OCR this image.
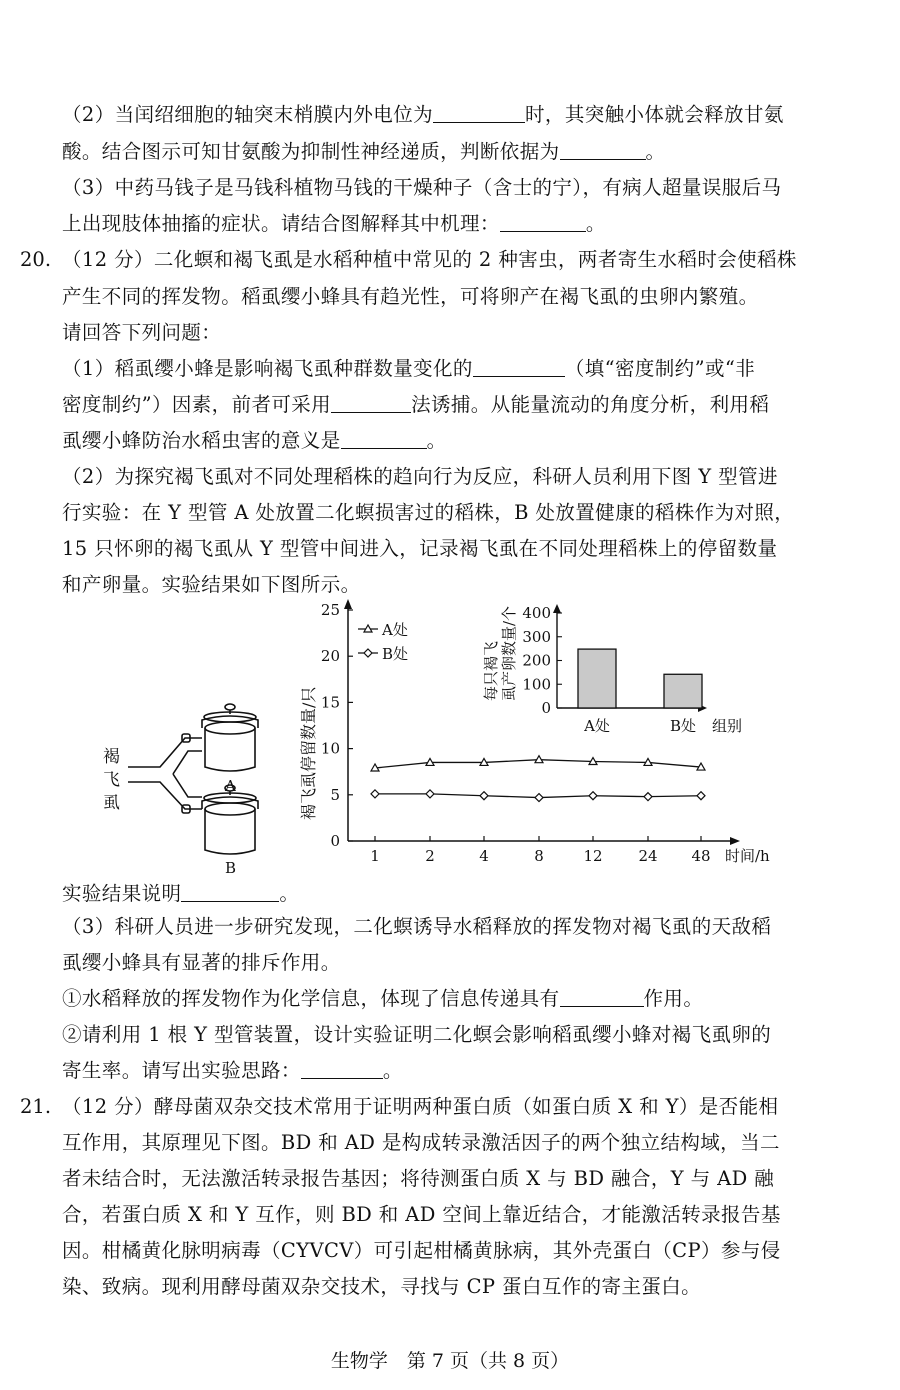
（2）当闰绍细胞的轴突末梢膜内外电位为	时，其突触小体就会释放甘氨
酸。结合图示可知甘氨酸为抑制性神经递质，判断依据为	。
（3）中药马钱子是马钱科植物马钱的干燥种子（含士的宁），有病人超量误服后马
上出现肢体抽搐的症状。请结合图解释其中机理：	。
20. （12 分）二化螟和褐飞虱是水稻种植中常见的 2 种害虫，两者寄生水稻时会使稻株
产生不同的挥发物。稻虱缨小蜂具有趋光性，可将卵产在褐飞虱的虫卵内繁殖。
请回答下列问题：
（1）稻虱缨小蜂是影响褐飞虱种群数量变化的	（填“密度制约”或“非
密度制约”）因素，前者可采用	法诱捕。从能量流动的角度分析，利用稻
虱缨小蜂防治水稻虫害的意义是	。
（2）为探究褐飞虱对不同处理稻株的趋向行为反应，科研人员利用下图 Y 型管进
行实验：在 Y 型管 A 处放置二化螟损害过的稻株，B 处放置健康的稻株作为对照，
15 只怀卵的褐飞虱从 Y 型管中间进入，记录褐飞虱在不同处理稻株上的停留数量
和产卵量。实验结果如下图所示。
褐
飞
虱
A
B
褐飞虱停留数量/只
时间/h
0
5
10
15
20
25
1	2	4	8	12 24 48
A处
B处	每只褐飞 虱产卵数量/个
组别
0
100
200
300
400
A处	B处
实验结果说明	。
（3）科研人员进一步研究发现，二化螟诱导水稻释放的挥发物对褐飞虱的天敌稻
虱缨小蜂具有显著的排斥作用。
①水稻释放的挥发物作为化学信息，体现了信息传递具有	作用。
②请利用 1 根 Y 型管装置，设计实验证明二化螟会影响稻虱缨小蜂对褐飞虱卵的
寄生率。请写出实验思路：	。
21. （12 分）酵母菌双杂交技术常用于证明两种蛋白质（如蛋白质 X 和 Y）是否能相
互作用，其原理见下图。BD 和 AD 是构成转录激活因子的两个独立结构域，当二
者未结合时，无法激活转录报告基因；将待测蛋白质 X 与 BD 融合，Y 与 AD 融
合，若蛋白质 X 和 Y 互作，则 BD 和 AD 空间上靠近结合，才能激活转录报告基
因。柑橘黄化脉明病毒（CYVCV）可引起柑橘黄脉病，其外壳蛋白（CP）参与侵
染、致病。现利用酵母菌双杂交技术，寻找与 CP 蛋白互作的寄主蛋白。
生物学　第 7 页（共 8 页）
